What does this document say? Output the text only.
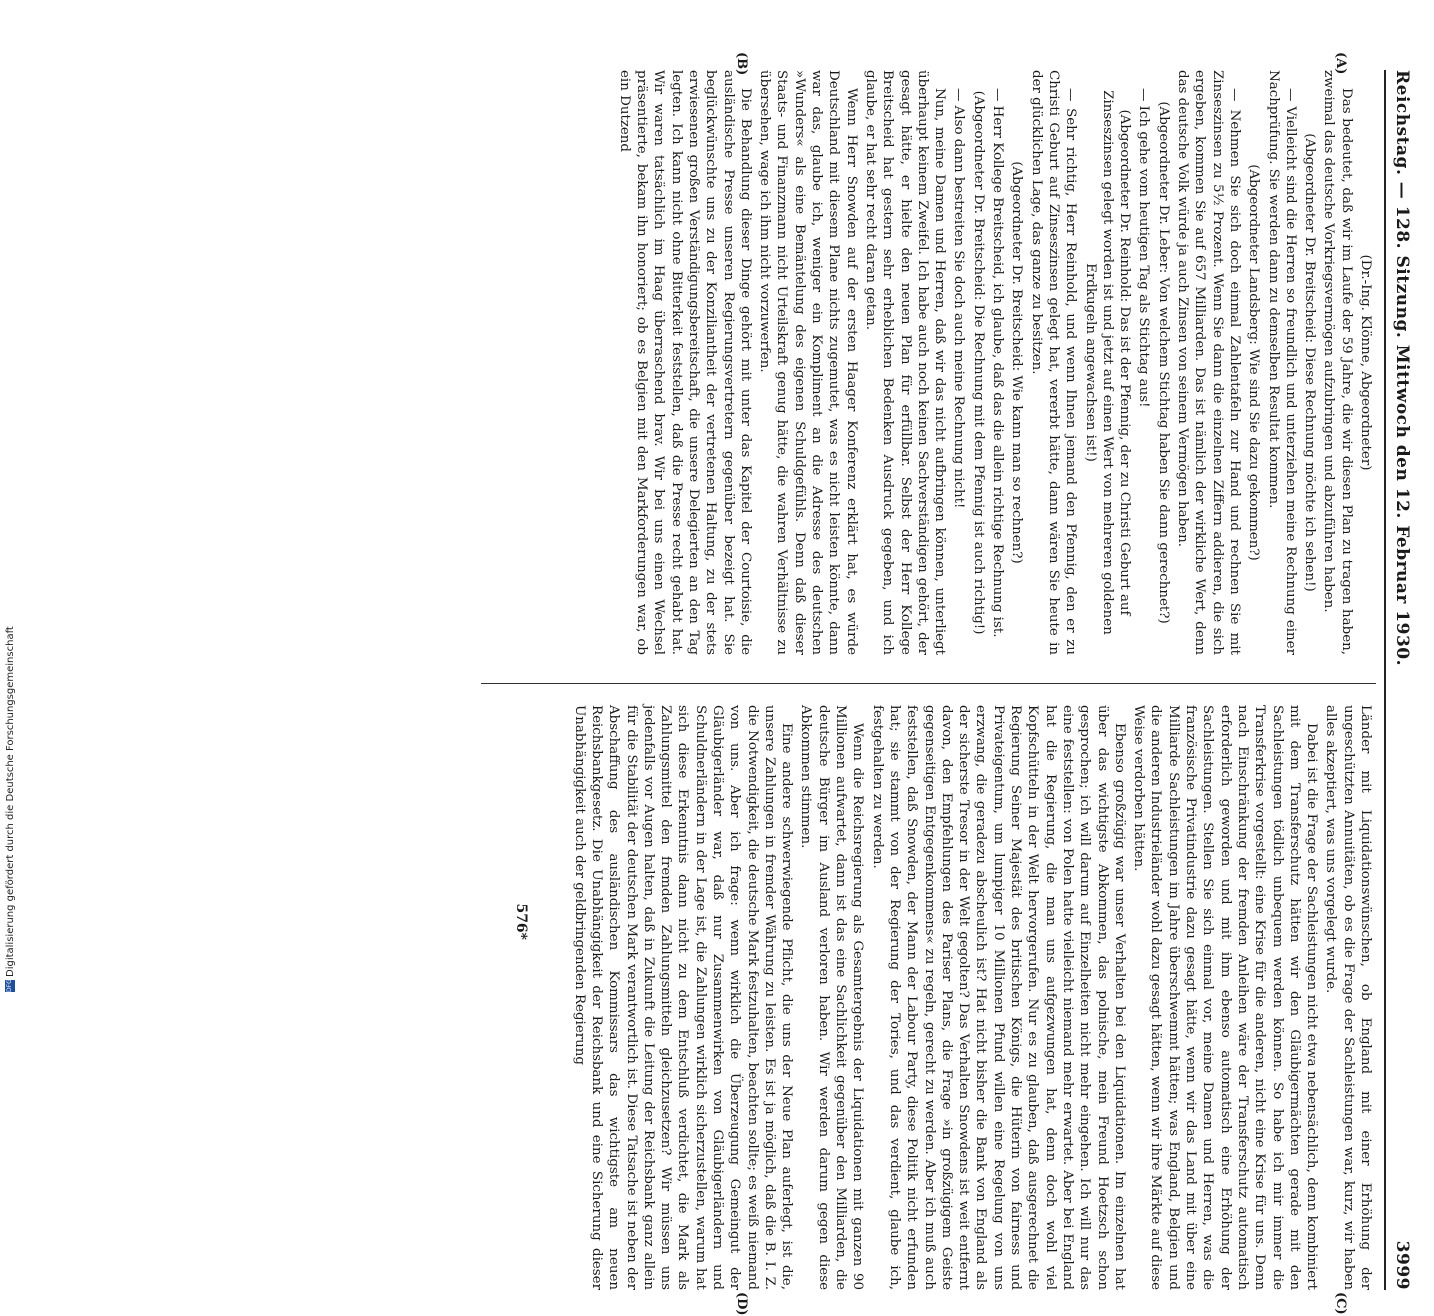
Reichstag. — 128. Sitzung. Mittwoch den 12. Februar 1930.
3999
(A)
(B)
(C)
(D)

(Dr.-Ing. Klönne, Abgeordneter)

Das bedeutet, daß wir im Laufe der 59 Jahre, die wir diesen Plan zu tragen haben, zweimal das deutsche Vorkriegsvermögen aufzubringen und abzuführen haben.

(Abgeordneter Dr. Breitscheid: Diese Rechnung möchte ich sehen!)

— Vielleicht sind die Herren so freundlich und unterziehen meine Rechnung einer Nachprüfung. Sie werden dann zu demselben Resultat kommen.

(Abgeordneter Landsberg: Wie sind Sie dazu gekommen?)

— Nehmen Sie sich doch einmal Zahlentafeln zur Hand und rechnen Sie mit Zinseszinsen zu 5½ Prozent. Wenn Sie dann die einzelnen Ziffern addieren, die sich ergeben, kommen Sie auf 657 Milliarden. Das ist nämlich der wirkliche Wert, denn das deutsche Volk würde ja auch Zinsen von seinem Vermögen haben.

(Abgeordneter Dr. Leber: Von welchem Stichtag haben Sie dann gerechnet?)

— Ich gehe vom heutigen Tag als Stichtag aus!

(Abgeordneter Dr. Reinhold: Das ist der Pfennig, der zu Christi Geburt auf Zinseszinsen gelegt worden ist und jetzt auf einen Wert von mehreren goldenen Erdkugeln angewachsen ist!)

— Sehr richtig, Herr Reinhold, und wenn Ihnen jemand den Pfennig, den er zu Christi Geburt auf Zinseszinsen gelegt hat, vererbt hätte, dann wären Sie heute in der glücklichen Lage, das ganze zu besitzen.

(Abgeordneter Dr. Breitscheid: Wie kann man so rechnen?)

— Herr Kollege Breitscheid, ich glaube, daß das die allein richtige Rechnung ist.

(Abgeordneter Dr. Breitscheid: Die Rechnung mit dem Pfennig ist auch richtig!)

— Also dann bestreiten Sie doch auch meine Rechnung nicht!

Nun, meine Damen und Herren, daß wir das nicht aufbringen können, unterliegt überhaupt keinem Zweifel. Ich habe auch noch keinen Sachverständigen gehört, der gesagt hätte, er hielte den neuen Plan für erfüllbar. Selbst der Herr Kollege Breitscheid hat gestern sehr erheblichen Bedenken Ausdruck gegeben, und ich glaube, er hat sehr recht daran getan.

Wenn Herr Snowden auf der ersten Haager Konferenz erklärt hat, es würde Deutschland mit diesem Plane nichts zugemutet, was es nicht leisten könnte, dann war das, glaube ich, weniger ein Kompliment an die Adresse des deutschen »Wunders« als eine Bemäntelung des eigenen Schuldgefühls. Denn daß dieser Staats- und Finanzmann nicht Urteilskraft genug hätte, die wahren Verhältnisse zu übersehen, wage ich ihm nicht vorzuwerfen.

Die Behandlung dieser Dinge gehört mit unter das Kapitel der Courtoisie, die ausländische Presse unseren Regierungsvertretern gegenüber bezeigt hat. Sie beglückwünschte uns zu der Konziliantheit der vertretenen Haltung, zu der stets erwiesenen großen Verständigungsbereitschaft, die unsere Delegierten an den Tag legten. Ich kann nicht ohne Bitterkeit feststellen, daß die Presse recht gehabt hat. Wir waren tatsächlich im Haag überraschend brav. Wir bei uns einen Wechsel präsentierte, bekam ihn honoriert; ob es Belgien mit den Markforderungen war, ob ein Dutzend

Länder mit Liquidationswünschen, ob England mit einer Erhöhung der ungeschützten Annuitäten, ob es die Frage der Sachleistungen war, kurz, wir haben alles akzeptiert, was uns vorgelegt wurde.

Dabei ist die Frage der Sachleistungen nicht etwa nebensächlich, denn kombiniert mit dem Transferschutz hätten wir den Gläubigermächten gerade mit den Sachleistungen tödlich unbequem werden können. So habe ich mir immer die Transferkrise vorgestellt: eine Krise für die anderen, nicht eine Krise für uns. Denn nach Einschränkung der fremden Anleihen wäre der Transferschutz automatisch erforderlich geworden und mit ihm ebenso automatisch eine Erhöhung der Sachleistungen. Stellen Sie sich einmal vor, meine Damen und Herren, was die französische Privatindustrie dazu gesagt hätte, wenn wir das Land mit über eine Milliarde Sachleistungen im Jahre überschwemmt hätten; was England, Belgien und die anderen Industrieländer wohl dazu gesagt hätten, wenn wir ihre Märkte auf diese Weise verdorben hätten.

Ebenso großzügig war unser Verhalten bei den Liquidationen. Im einzelnen hat über das wichtigste Abkommen, das polnische, mein Freund Hoetzsch schon gesprochen; ich will darum auf Einzelheiten nicht mehr eingehen. Ich will nur das eine feststellen: von Polen hatte vielleicht niemand mehr erwartet. Aber bei England hat die Regierung, die man uns aufgezwungen hat, denn doch wohl viel Kopfschütteln in der Welt hervorgerufen. Nur es zu glauben, daß ausgerechnet die Regierung Seiner Majestät des britischen Königs, die Hüterin von fairness und Privateigentum, um lumpiger 10 Millionen Pfund willen eine Regelung von uns erzwang, die geradezu abscheulich ist? Hat nicht bisher die Bank von England als der sicherste Tresor in der Welt gegolten? Das Verhalten Snowdens ist weit entfernt davon, den Empfehlungen des Pariser Plans, die Frage »in großzügigem Geiste gegenseitigen Entgegenkommens« zu regeln, gerecht zu werden. Aber ich muß auch feststellen, daß Snowden, der Mann der Labour Party, diese Politik nicht erfunden hat; sie stammt von der Regierung der Tories, und das verdient, glaube ich, festgehalten zu werden.

Wenn die Reichsregierung als Gesamtergebnis der Liquidationen mit ganzen 90 Millionen aufwartet, dann ist das eine Sachlichkeit gegenüber den Milliarden, die deutsche Bürger im Ausland verloren haben. Wir werden darum gegen diese Abkommen stimmen.

Eine andere schwerwiegende Pflicht, die uns der Neue Plan auferlegt, ist die, unsere Zahlungen in fremder Währung zu leisten. Es ist ja möglich, daß die B. I. Z. die Notwendigkeit, die deutsche Mark festzuhalten, beachten sollte; es weiß niemand von uns. Aber ich frage: wenn wirklich die Überzeugung Gemeingut der Gläubigerländer war, daß nur Zusammenwirken von Gläubigerländern und Schuldnerländern in der Lage ist, die Zahlungen wirklich sicherzustellen, warum hat sich diese Erkenntnis dann nicht zu dem Entschluß verdichtet, die Mark als Zahlungsmittel den fremden Zahlungsmitteln gleichzusetzen? Wir müssen uns jedenfalls vor Augen halten, daß in Zukunft die Leitung der Reichsbank ganz allein für die Stabilität der deutschen Mark verantwortlich ist. Diese Tatsache ist neben der Abschaffung des ausländischen Kommissars das wichtigste am neuen Reichsbankgesetz. Die Unabhängigkeit der Reichsbank und eine Sicherung dieser Unabhängigkeit auch der geldbringenden Regierung

576*
DFGDigitalisierung gefördert durch die Deutsche Forschungsgemeinschaft
